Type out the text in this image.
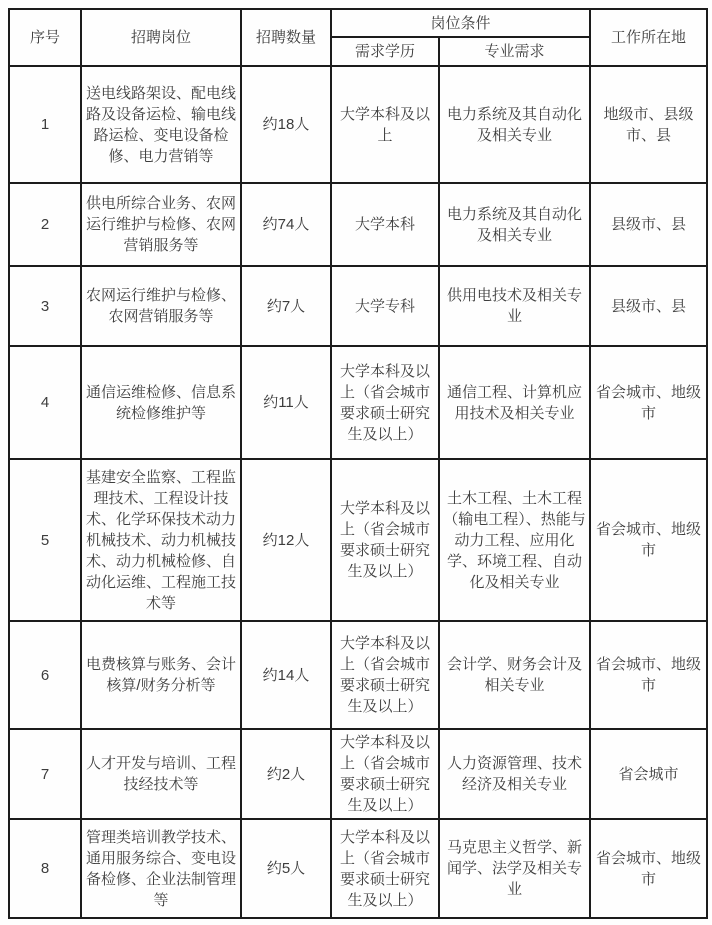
序号	招聘岗位	招聘数量	岗位条件		工作所在地
			需求学历	专业需求	
1	送电线路架设、配电线路及设备运检、输电线路运检、变电设备检修、电力营销等	约18人	大学本科及以上	电力系统及其自动化及相关专业	地级市、县级市、县
2	供电所综合业务、农网运行维护与检修、农网营销服务等	约74人	大学本科	电力系统及其自动化及相关专业	县级市、县
3	农网运行维护与检修、农网营销服务等	约7人	大学专科	供用电技术及相关专业	县级市、县
4	通信运维检修、信息系统检修维护等	约11人	大学本科及以上（省会城市要求硕士研究生及以上）	通信工程、计算机应用技术及相关专业	省会城市、地级市
5	基建安全监察、工程监理技术、工程设计技术、化学环保技术动力机械技术、动力机械技术、动力机械检修、自动化运维、工程施工技术等	约12人	大学本科及以上（省会城市要求硕士研究生及以上）	土木工程、土木工程（输电工程）、热能与动力工程、应用化学、环境工程、自动化及相关专业	省会城市、地级市
6	电费核算与账务、会计核算/财务分析等	约14人	大学本科及以上（省会城市要求硕士研究生及以上）	会计学、财务会计及相关专业	省会城市、地级市
7	人才开发与培训、工程技经技术等	约2人	大学本科及以上（省会城市要求硕士研究生及以上）	人力资源管理、技术经济及相关专业	省会城市
8	管理类培训教学技术、通用服务综合、变电设备检修、企业法制管理等	约5人	大学本科及以上（省会城市要求硕士研究生及以上）	马克思主义哲学、新闻学、法学及相关专业	省会城市、地级市
